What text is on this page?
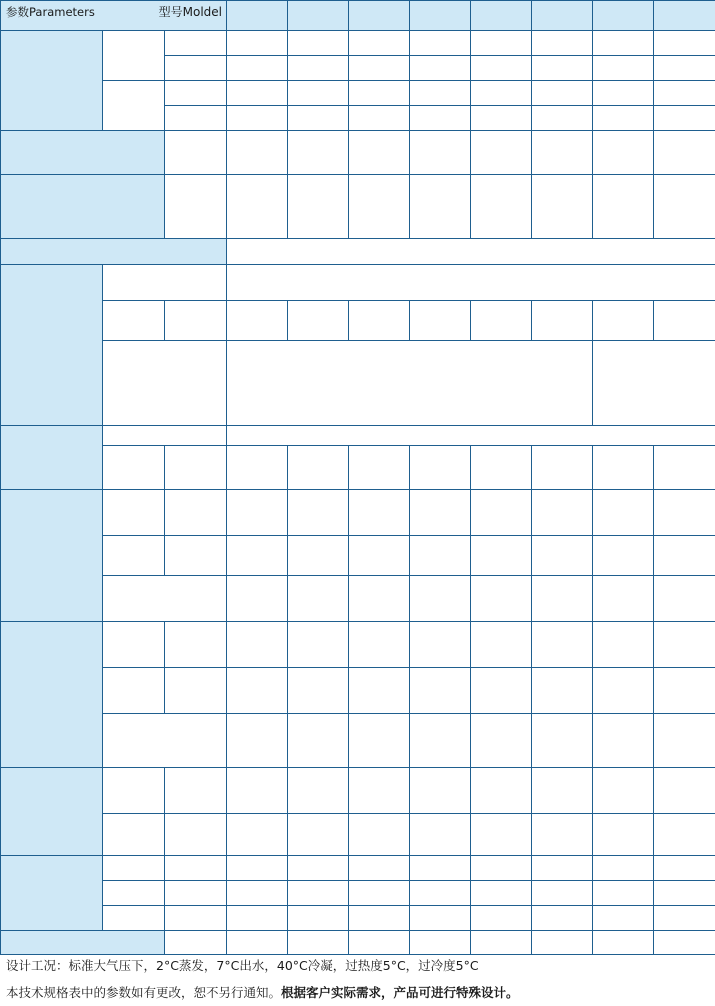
参数Parameters 型号Moldel										

设计工况：标准大气压下，2°C蒸发，7°C出水，40°C冷凝，过热度5°C，过冷度5°C
本技术规格表中的参数如有更改，恕不另行通知。根据客户实际需求，产品可进行特殊设计。
